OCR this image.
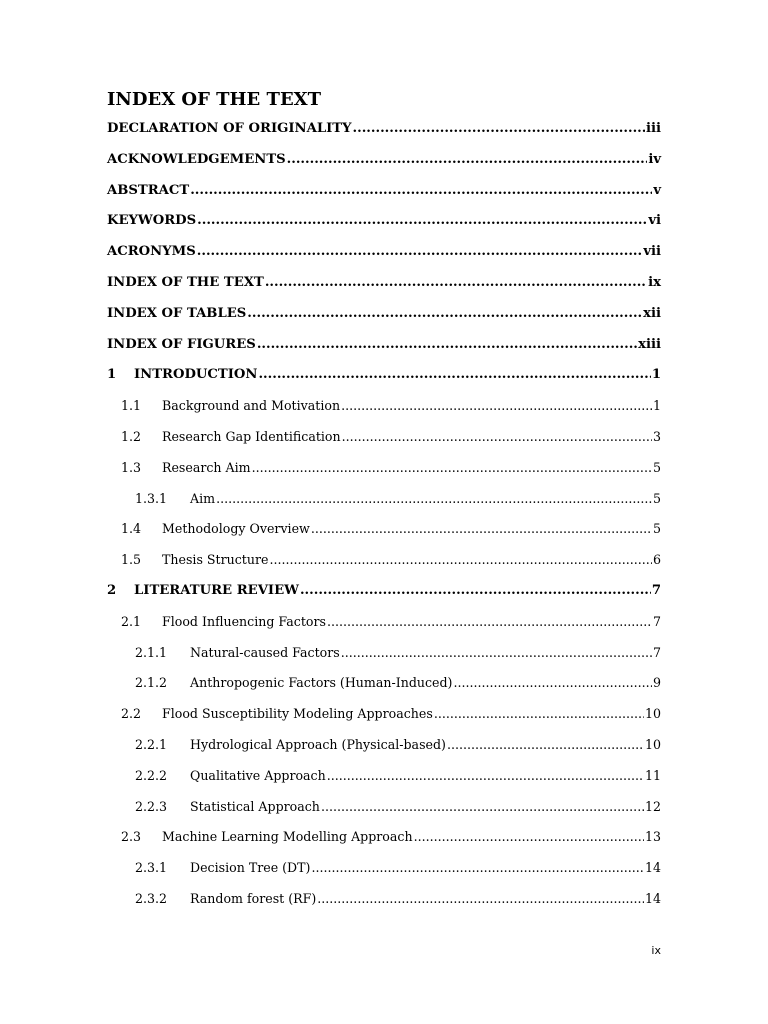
INDEX OF THE TEXT
DECLARATION OF ORIGINALITY .....	iii
ACKNOWLEDGEMENTS .....	iv
ABSTRACT .....	v
KEYWORDS .....	vi
ACRONYMS .....	vii
INDEX OF THE TEXT .....	ix
INDEX OF TABLES .....	xii
INDEX OF FIGURES .....	xiii
1	INTRODUCTION .....	1
1.1	Background and Motivation .....	1
1.2	Research Gap Identification .....	3
1.3	Research Aim .....	5
1.3.1	Aim .....	5
1.4	Methodology Overview .....	5
1.5	Thesis Structure .....	6
2	LITERATURE REVIEW .....	7
2.1	Flood Influencing Factors .....	7
2.1.1	Natural-caused Factors .....	7
2.1.2	Anthropogenic Factors (Human-Induced) .....	9
2.2	Flood Susceptibility Modeling Approaches .....	10
2.2.1	Hydrological Approach (Physical-based) .....	10
2.2.2	Qualitative Approach .....	11
2.2.3	Statistical Approach .....	12
2.3	Machine Learning Modelling Approach .....	13
2.3.1	Decision Tree (DT) .....	14
2.3.2	Random forest (RF) .....	14
ix
